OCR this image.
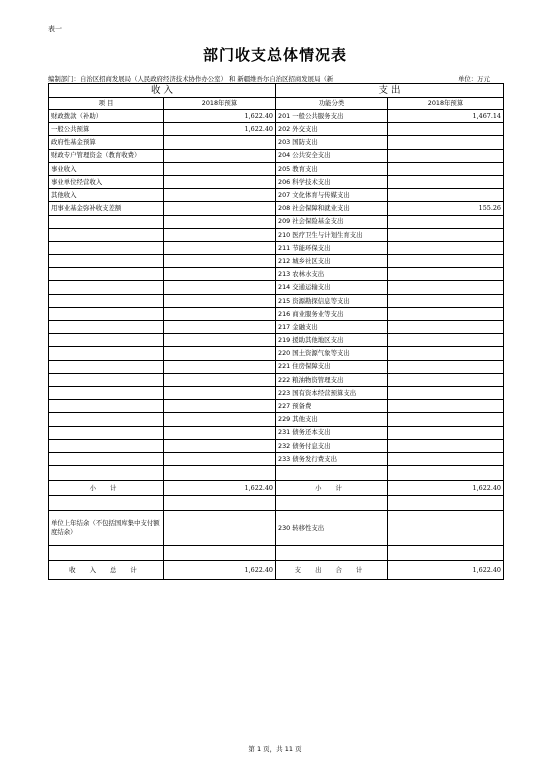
表一
部门收支总体情况表
编制部门：自治区招商发展局（人民政府经济技术协作办公室） 和 新疆维吾尔自治区招商发展局（新	单位：万元
收 入		支 出	
项 目	2018年预算	功能分类	2018年预算
财政拨款（补助）	1,622.40	201 一般公共服务支出	1,467.14
一般公共预算	1,622.40	202 外交支出	
政府性基金预算		203 国防支出	
财政专户管理资金（教育收费）		204 公共安全支出	
事业收入		205 教育支出	
事业单位经营收入		206 科学技术支出	
其他收入		207 文化体育与传媒支出	
用事业基金弥补收支差额		208 社会保障和就业支出	155.26
		209 社会保险基金支出	
		210 医疗卫生与计划生育支出	
		211 节能环保支出	
		212 城乡社区支出	
		213 农林水支出	
		214 交通运输支出	
		215 资源勘探信息等支出	
		216 商业服务业等支出	
		217 金融支出	
		219 援助其他地区支出	
		220 国土资源气象等支出	
		221 住房保障支出	
		222 粮油物资管理支出	
		223 国有资本经营预算支出	
		227 预备费	
		229 其他支出	
		231 债务还本支出	
		232 债务付息支出	
		233 债务发行费支出	

小 计	1,622.40	小 计	1,622.40

单位上年结余（不包括国库集中支付额度结余）		230 转移性支出	

收 入 总 计	1,622.40	支 出 合 计	1,622.40
第 1 页，共 11 页
